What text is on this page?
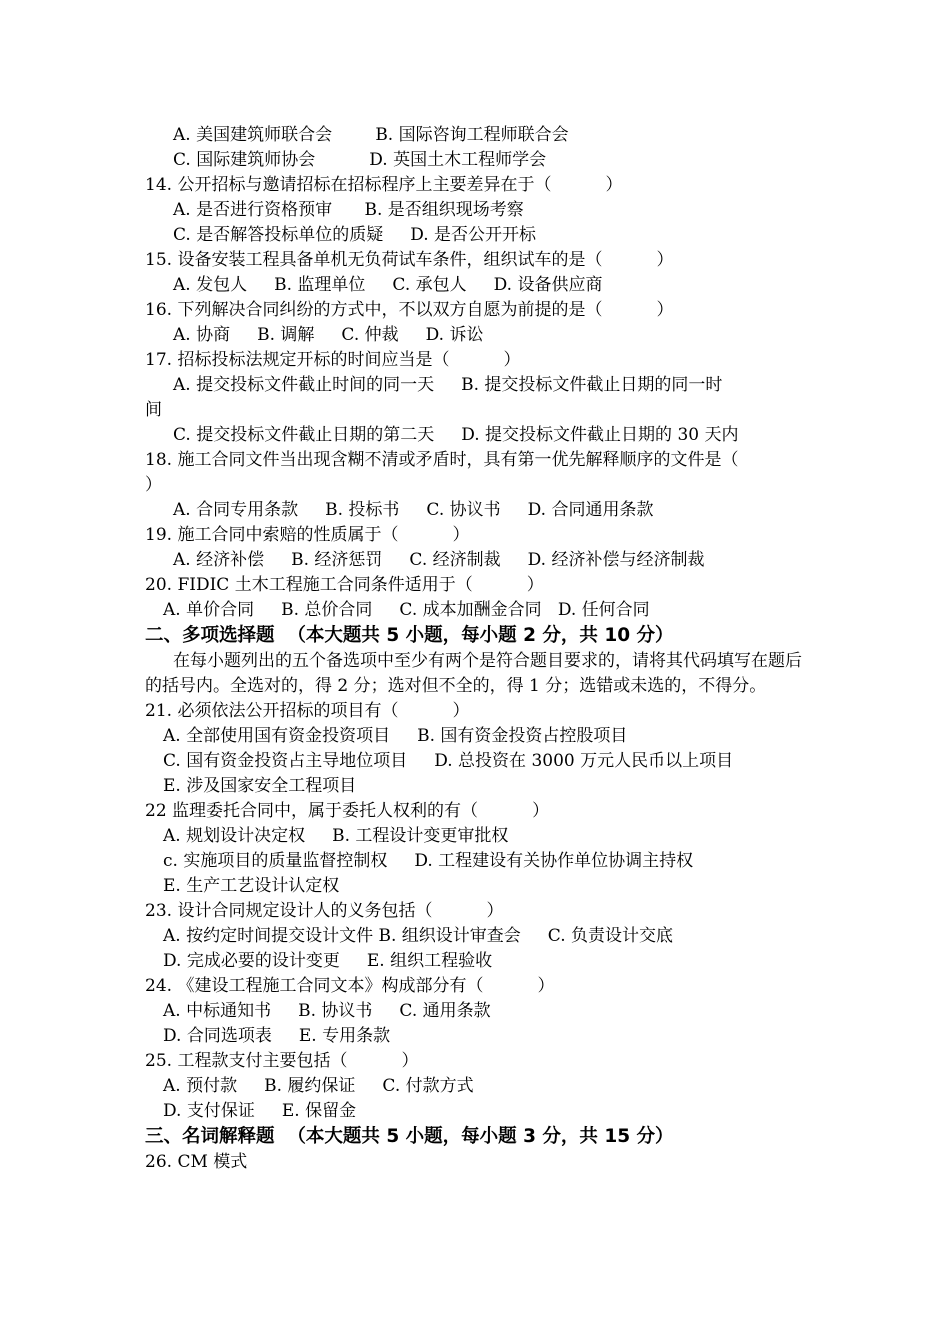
A. 美国建筑师联合会        B. 国际咨询工程师联合会
C. 国际建筑师协会          D. 英国土木工程师学会
14. 公开招标与邀请招标在招标程序上主要差异在于（          ）
A. 是否进行资格预审      B. 是否组织现场考察
C. 是否解答投标单位的质疑     D. 是否公开开标
15. 设备安装工程具备单机无负荷试车条件，组织试车的是（          ）
A. 发包人     B. 监理单位     C. 承包人     D. 设备供应商
16. 下列解决合同纠纷的方式中，不以双方自愿为前提的是（          ）
A. 协商     B. 调解     C. 仲裁     D. 诉讼
17. 招标投标法规定开标的时间应当是（          ）
A. 提交投标文件截止时间的同一天     B. 提交投标文件截止日期的同一时
间
C. 提交投标文件截止日期的第二天     D. 提交投标文件截止日期的 30 天内
18. 施工合同文件当出现含糊不清或矛盾时，具有第一优先解释顺序的文件是（
）
A. 合同专用条款     B. 投标书     C. 协议书     D. 合同通用条款
19. 施工合同中索赔的性质属于（          ）
A. 经济补偿     B. 经济惩罚     C. 经济制裁     D. 经济补偿与经济制裁
20. FIDIC 土木工程施工合同条件适用于（          ）
A. 单价合同     B. 总价合同     C. 成本加酬金合同   D. 任何合同
二、多项选择题  （本大题共 5 小题，每小题 2 分，共 10 分）
在每小题列出的五个备选项中至少有两个是符合题目要求的，请将其代码填写在题后的括号内。全选对的，得 2 分；选对但不全的，得 1 分；选错或未选的，不得分。
21. 必须依法公开招标的项目有（          ）
A. 全部使用国有资金投资项目     B. 国有资金投资占控股项目
C. 国有资金投资占主导地位项目     D. 总投资在 3000 万元人民币以上项目
E. 涉及国家安全工程项目
22 监理委托合同中，属于委托人权利的有（          ）
A. 规划设计决定权     B. 工程设计变更审批权
c. 实施项目的质量监督控制权     D. 工程建设有关协作单位协调主持权
E. 生产工艺设计认定权
23. 设计合同规定设计人的义务包括（          ）
A. 按约定时间提交设计文件 B. 组织设计审查会     C. 负责设计交底
D. 完成必要的设计变更     E. 组织工程验收
24. 《建设工程施工合同文本》构成部分有（          ）
A. 中标通知书     B. 协议书     C. 通用条款
D. 合同选项表     E. 专用条款
25. 工程款支付主要包括（          ）
A. 预付款     B. 履约保证     C. 付款方式
D. 支付保证     E. 保留金
三、名词解释题  （本大题共 5 小题，每小题 3 分，共 15 分）
26. CM 模式
